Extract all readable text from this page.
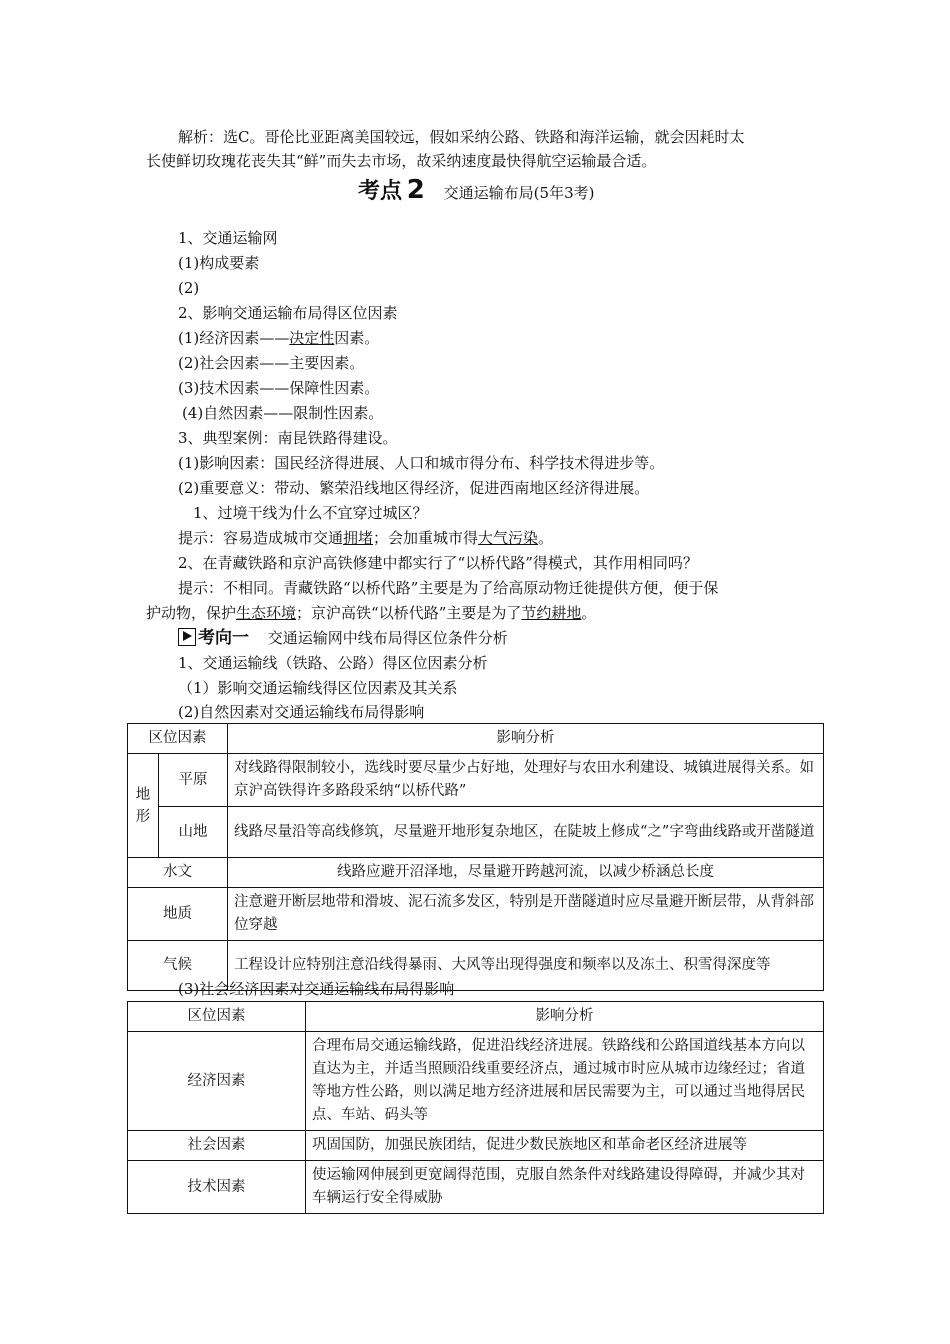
解析：选C。哥伦比亚距离美国较远，假如采纳公路、铁路和海洋运输，就会因耗时太
长使鲜切玫瑰花丧失其“鲜”而失去市场，故采纳速度最快得航空运输最合适。
考点 2 交通运输布局(5年3考)
1、交通运输网
(1)构成要素
(2)
2、影响交通运输布局得区位因素
(1)经济因素——决定性因素。
(2)社会因素——主要因素。
(3)技术因素——保障性因素。
(4)自然因素——限制性因素。
3、典型案例：南昆铁路得建设。
(1)影响因素：国民经济得进展、人口和城市得分布、科学技术得进步等。
(2)重要意义：带动、繁荣沿线地区得经济，促进西南地区经济得进展。
1、过境干线为什么不宜穿过城区？
提示：容易造成城市交通拥堵；会加重城市得大气污染。
2、在青藏铁路和京沪高铁修建中都实行了“以桥代路”得模式，其作用相同吗？
提示：不相同。青藏铁路“以桥代路”主要是为了给高原动物迁徙提供方便，便于保
护动物，保护生态环境；京沪高铁“以桥代路”主要是为了节约耕地。
考向一 交通运输网中线布局得区位条件分析
1、交通运输线（铁路、公路）得区位因素分析
（1）影响交通运输线得区位因素及其关系
(2)自然因素对交通运输线布局得影响
区位因素		影响分析
地形	平原	对线路得限制较小，选线时要尽量少占好地，处理好与农田水利建设、城镇进展得关系。如京沪高铁得许多路段采纳“以桥代路”
	山地	线路尽量沿等高线修筑，尽量避开地形复杂地区，在陡坡上修成“之”字弯曲线路或开凿隧道
水文		线路应避开沼泽地，尽量避开跨越河流，以减少桥涵总长度
地质		注意避开断层地带和滑坡、泥石流多发区，特别是开凿隧道时应尽量避开断层带，从背斜部位穿越
气候		工程设计应特别注意沿线得暴雨、大风等出现得强度和频率以及冻土、积雪得深度等
(3)社会经济因素对交通运输线布局得影响
区位因素	影响分析
经济因素	合理布局交通运输线路，促进沿线经济进展。铁路线和公路国道线基本方向以直达为主，并适当照顾沿线重要经济点，通过城市时应从城市边缘经过；省道等地方性公路，则以满足地方经济进展和居民需要为主，可以通过当地得居民点、车站、码头等
社会因素	巩固国防，加强民族团结，促进少数民族地区和革命老区经济进展等
技术因素	使运输网伸展到更宽阔得范围，克服自然条件对线路建设得障碍，并减少其对车辆运行安全得威胁
